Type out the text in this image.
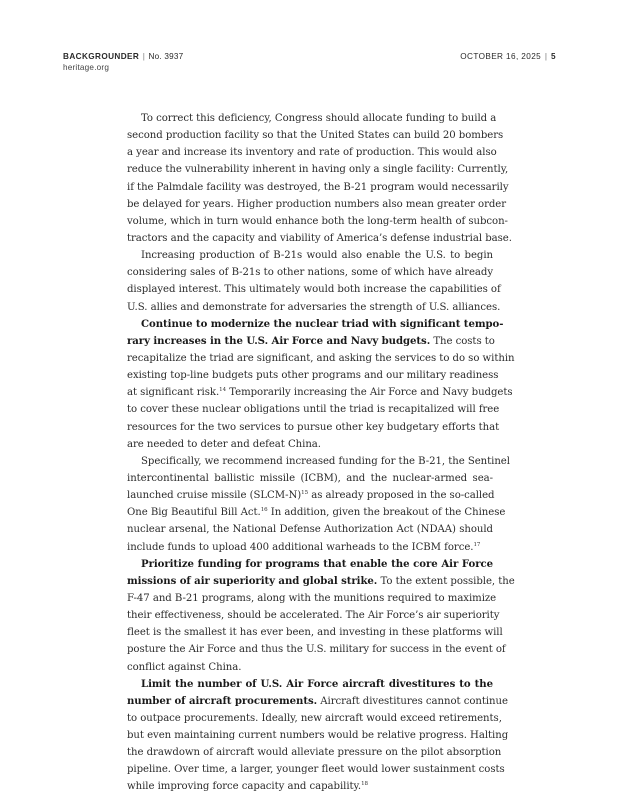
BACKGROUNDER | No. 3937
heritage.org
OCTOBER 16, 2025 | 5
To correct this deficiency, Congress should allocate funding to build a
second production facility so that the United States can build 20 bombers
a year and increase its inventory and rate of production. This would also
reduce the vulnerability inherent in having only a single facility: Currently,
if the Palmdale facility was destroyed, the B-21 program would necessarily
be delayed for years. Higher production numbers also mean greater order
volume, which in turn would enhance both the long-term health of subcon-
tractors and the capacity and viability of America’s defense industrial base.
Increasing production of B-21s would also enable the U.S. to begin
considering sales of B-21s to other nations, some of which have already
displayed interest. This ultimately would both increase the capabilities of
U.S. allies and demonstrate for adversaries the strength of U.S. alliances.
Continue to modernize the nuclear triad with significant tempo-
rary increases in the U.S. Air Force and Navy budgets. The costs to
recapitalize the triad are significant, and asking the services to do so within
existing top-line budgets puts other programs and our military readiness
at significant risk.$^{14}$ Temporarily increasing the Air Force and Navy budgets
to cover these nuclear obligations until the triad is recapitalized will free
resources for the two services to pursue other key budgetary efforts that
are needed to deter and defeat China.
Specifically, we recommend increased funding for the B-21, the Sentinel
intercontinental ballistic missile (ICBM), and the nuclear-armed sea-
launched cruise missile (SLCM-N)$^{15}$ as already proposed in the so-called
One Big Beautiful Bill Act.$^{16}$ In addition, given the breakout of the Chinese
nuclear arsenal, the National Defense Authorization Act (NDAA) should
include funds to upload 400 additional warheads to the ICBM force.$^{17}$
Prioritize funding for programs that enable the core Air Force
missions of air superiority and global strike. To the extent possible, the
F-47 and B-21 programs, along with the munitions required to maximize
their effectiveness, should be accelerated. The Air Force’s air superiority
fleet is the smallest it has ever been, and investing in these platforms will
posture the Air Force and thus the U.S. military for success in the event of
conflict against China.
Limit the number of U.S. Air Force aircraft divestitures to the
number of aircraft procurements. Aircraft divestitures cannot continue
to outpace procurements. Ideally, new aircraft would exceed retirements,
but even maintaining current numbers would be relative progress. Halting
the drawdown of aircraft would alleviate pressure on the pilot absorption
pipeline. Over time, a larger, younger fleet would lower sustainment costs
while improving force capacity and capability.$^{18}$
